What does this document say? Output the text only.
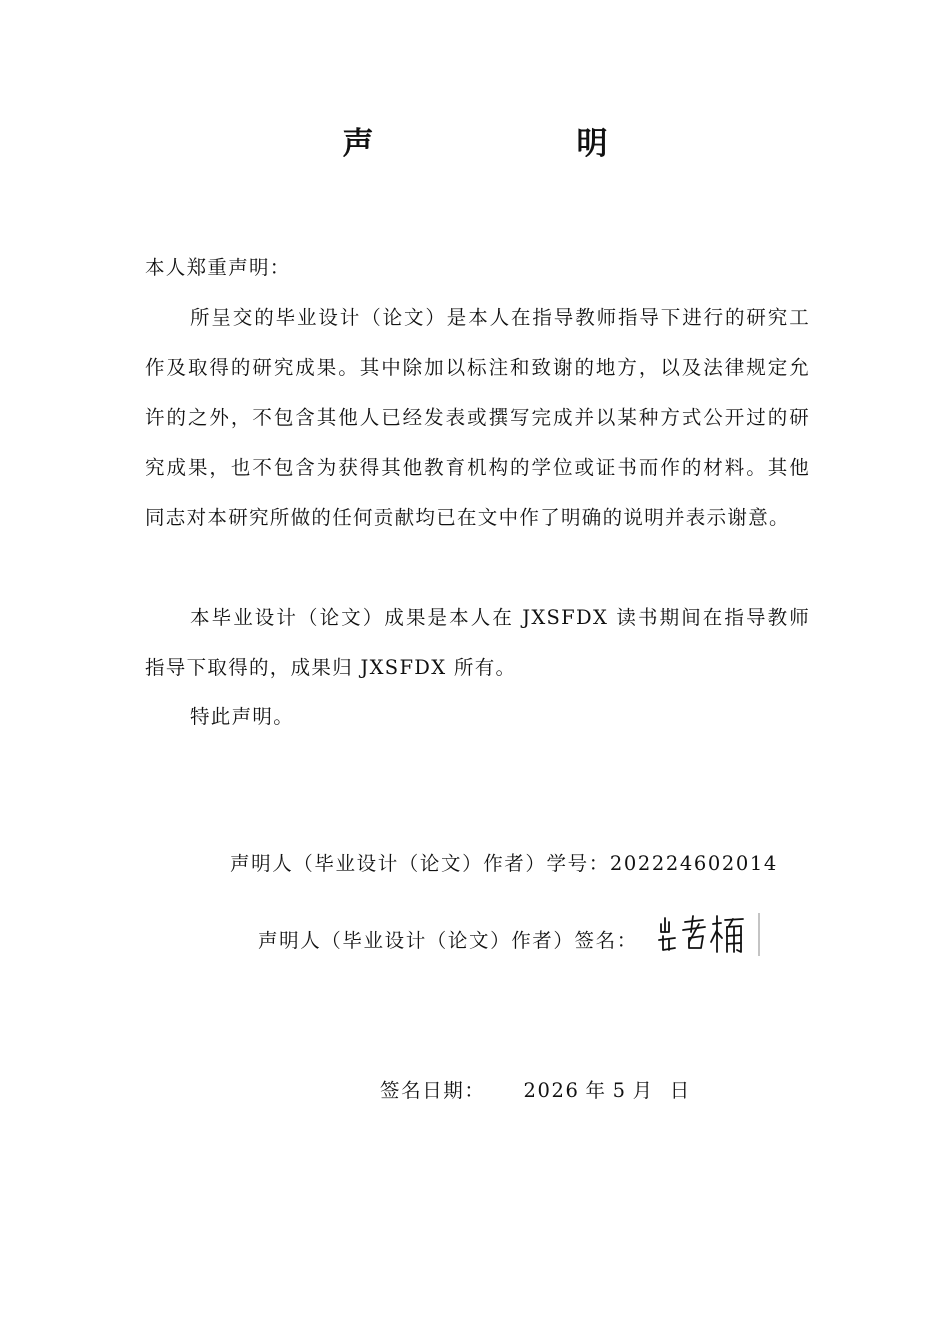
声　明
本人郑重声明：

所呈交的毕业设计（论文）是本人在指导教师指导下进行的研究工作及取得的研究成果。其中除加以标注和致谢的地方，以及法律规定允许的之外，不包含其他人已经发表或撰写完成并以某种方式公开过的研究成果，也不包含为获得其他教育机构的学位或证书而作的材料。其他同志对本研究所做的任何贡献均已在文中作了明确的说明并表示谢意。

本毕业设计（论文）成果是本人在 JXSFDX 读书期间在指导教师指导下取得的，成果归 JXSFDX 所有。

特此声明。

声明人（毕业设计（论文）作者）学号：202224602014
声明人（毕业设计（论文）作者）签名：
签名日期： 2026 年 5 月 日
